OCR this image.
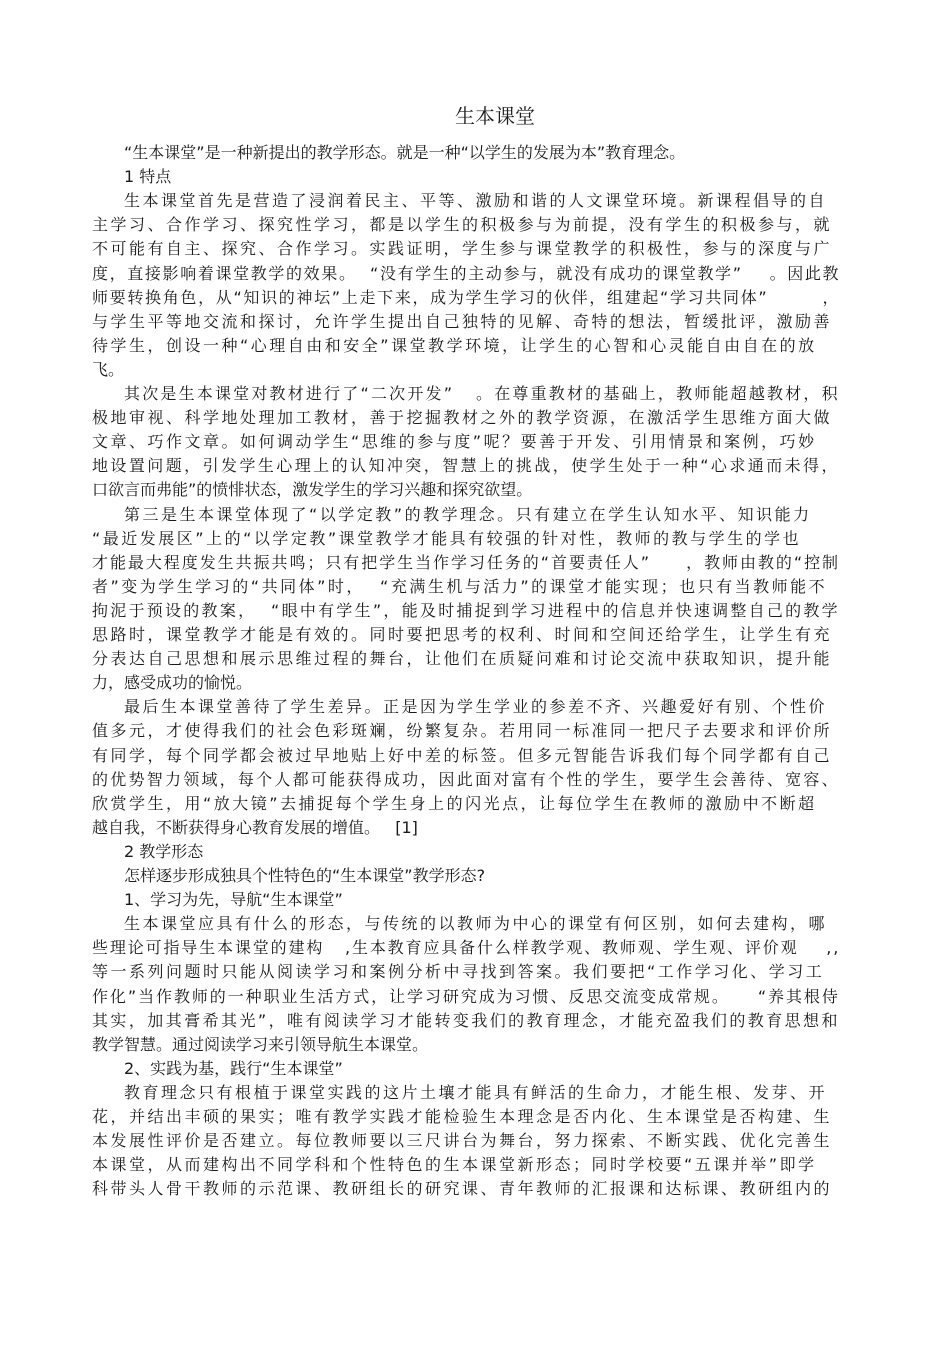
生本课堂
“生本课堂”是一种新提出的教学形态。就是一种“以学生的发展为本”教育理念。
1 特点
生本课堂首先是营造了浸润着民主、平等、激励和谐的人文课堂环境。新课程倡导的自
主学习、合作学习、探究性学习，都是以学生的积极参与为前提，没有学生的积极参与，就
不可能有自主、探究、合作学习。实践证明，学生参与课堂教学的积极性，参与的深度与广
度，直接影响着课堂教学的效果。  “没有学生的主动参与，就没有成功的课堂教学”    。因此教
师要转换角色，从“知识的神坛”上走下来，成为学生学习的伙伴，组建起“学习共同体”        ，
与学生平等地交流和探讨，允许学生提出自己独特的见解、奇特的想法，暂缓批评，激励善
待学生，创设一种“心理自由和安全”课堂教学环境，让学生的心智和心灵能自由自在的放
飞。
其次是生本课堂对教材进行了“二次开发”   。在尊重教材的基础上，教师能超越教材，积
极地审视、科学地处理加工教材，善于挖掘教材之外的教学资源，在激活学生思维方面大做
文章、巧作文章。如何调动学生“思维的参与度”呢？要善于开发、引用情景和案例，巧妙
地设置问题，引发学生心理上的认知冲突，智慧上的挑战，使学生处于一种“心求通而未得，
口欲言而弗能”的愤悱状态，激发学生的学习兴趣和探究欲望。
第三是生本课堂体现了“以学定教”的教学理念。只有建立在学生认知水平、知识能力
“最近发展区”上的“以学定教”课堂教学才能具有较强的针对性，教师的教与学生的学也
才能最大程度发生共振共鸣；只有把学生当作学习任务的“首要责任人”     ，教师由教的“控制
者”变为学生学习的“共同体”时，  “充满生机与活力”的课堂才能实现；也只有当教师能不
拘泥于预设的教案，  “眼中有学生”，能及时捕捉到学习进程中的信息并快速调整自己的教学
思路时，课堂教学才能是有效的。同时要把思考的权利、时间和空间还给学生，让学生有充
分表达自己思想和展示思维过程的舞台，让他们在质疑问难和讨论交流中获取知识，提升能
力，感受成功的愉悦。
最后生本课堂善待了学生差异。正是因为学生学业的参差不齐、兴趣爱好有别、个性价
值多元，才使得我们的社会色彩斑斓，纷繁复杂。若用同一标准同一把尺子去要求和评价所
有同学，每个同学都会被过早地贴上好中差的标签。但多元智能告诉我们每个同学都有自己
的优势智力领域，每个人都可能获得成功，因此面对富有个性的学生，要学生会善待、宽容、
欣赏学生，用“放大镜”去捕捉每个学生身上的闪光点，让每位学生在教师的激励中不断超
越自我，不断获得身心教育发展的增值。   [1]
2 教学形态
怎样逐步形成独具个性特色的“生本课堂”教学形态?
1、学习为先，导航“生本课堂”
生本课堂应具有什么的形态，与传统的以教师为中心的课堂有何区别，如何去建构，哪
些理论可指导生本课堂的建构   ,生本教育应具备什么样教学观、教师观、学生观、评价观    ,,
等一系列问题时只能从阅读学习和案例分析中寻找到答案。我们要把“工作学习化、学习工
作化”当作教师的一种职业生活方式，让学习研究成为习惯、反思交流变成常规。    “养其根侍
其实，加其膏希其光”，唯有阅读学习才能转变我们的教育理念，才能充盈我们的教育思想和
教学智慧。通过阅读学习来引领导航生本课堂。
2、实践为基，践行“生本课堂”
教育理念只有根植于课堂实践的这片土壤才能具有鲜活的生命力，才能生根、发芽、开
花，并结出丰硕的果实；唯有教学实践才能检验生本理念是否内化、生本课堂是否构建、生
本发展性评价是否建立。每位教师要以三尺讲台为舞台，努力探索、不断实践、优化完善生
本课堂，从而建构出不同学科和个性特色的生本课堂新形态；同时学校要“五课并举”即学
科带头人骨干教师的示范课、教研组长的研究课、青年教师的汇报课和达标课、教研组内的
